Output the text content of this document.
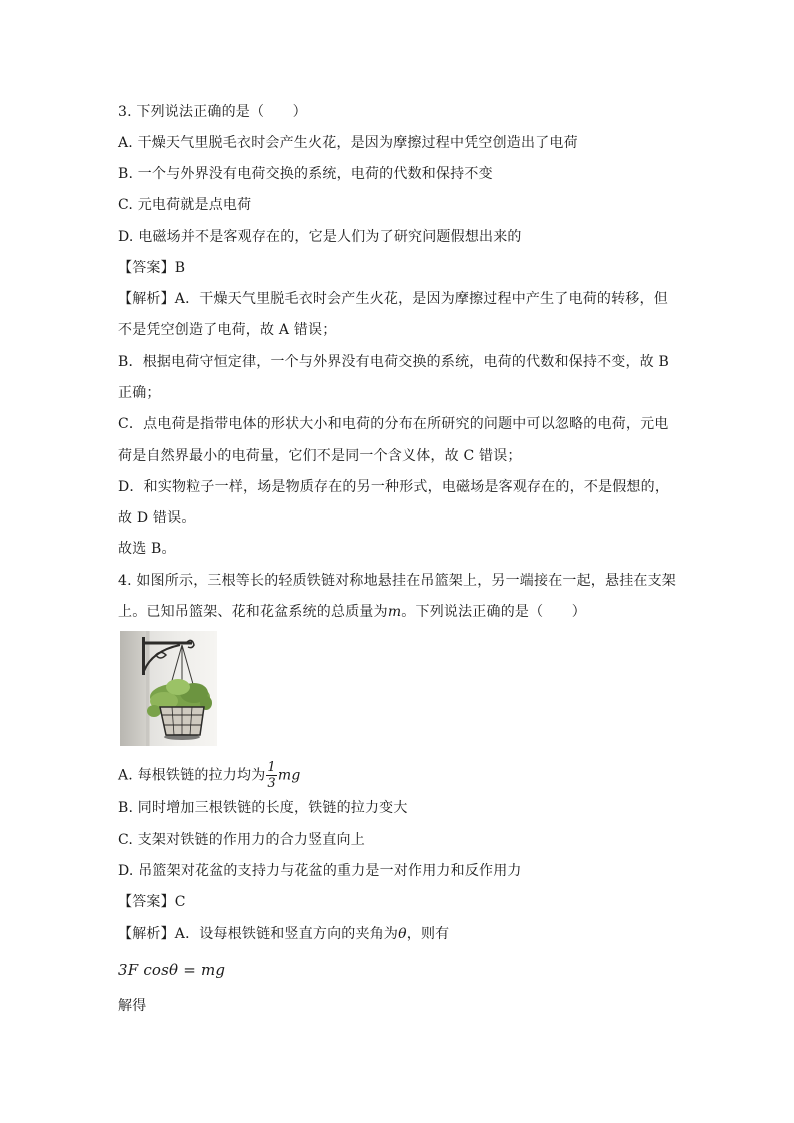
3. 下列说法正确的是（　　）
A. 干燥天气里脱毛衣时会产生火花，是因为摩擦过程中凭空创造出了电荷
B. 一个与外界没有电荷交换的系统，电荷的代数和保持不变
C. 元电荷就是点电荷
D. 电磁场并不是客观存在的，它是人们为了研究问题假想出来的
【答案】B
【解析】A．干燥天气里脱毛衣时会产生火花，是因为摩擦过程中产生了电荷的转移，但
不是凭空创造了电荷，故 A 错误；
B．根据电荷守恒定律，一个与外界没有电荷交换的系统，电荷的代数和保持不变，故 B
正确；
C．点电荷是指带电体的形状大小和电荷的分布在所研究的问题中可以忽略的电荷，元电
荷是自然界最小的电荷量，它们不是同一个含义体，故 C 错误；
D．和实物粒子一样，场是物质存在的另一种形式，电磁场是客观存在的，不是假想的，
故 D 错误。
故选 B。
4. 如图所示，三根等长的轻质铁链对称地悬挂在吊篮架上，另一端接在一起，悬挂在支架
上。已知吊篮架、花和花盆系统的总质量为m。下列说法正确的是（　　）
A. 每根铁链的拉力均为 $\frac{1}{3}$ mg
B. 同时增加三根铁链的长度，铁链的拉力变大
C. 支架对铁链的作用力的合力竖直向上
D. 吊篮架对花盆的支持力与花盆的重力是一对作用力和反作用力
【答案】C
【解析】A．设每根铁链和竖直方向的夹角为θ，则有
3F cosθ = mg
解得
